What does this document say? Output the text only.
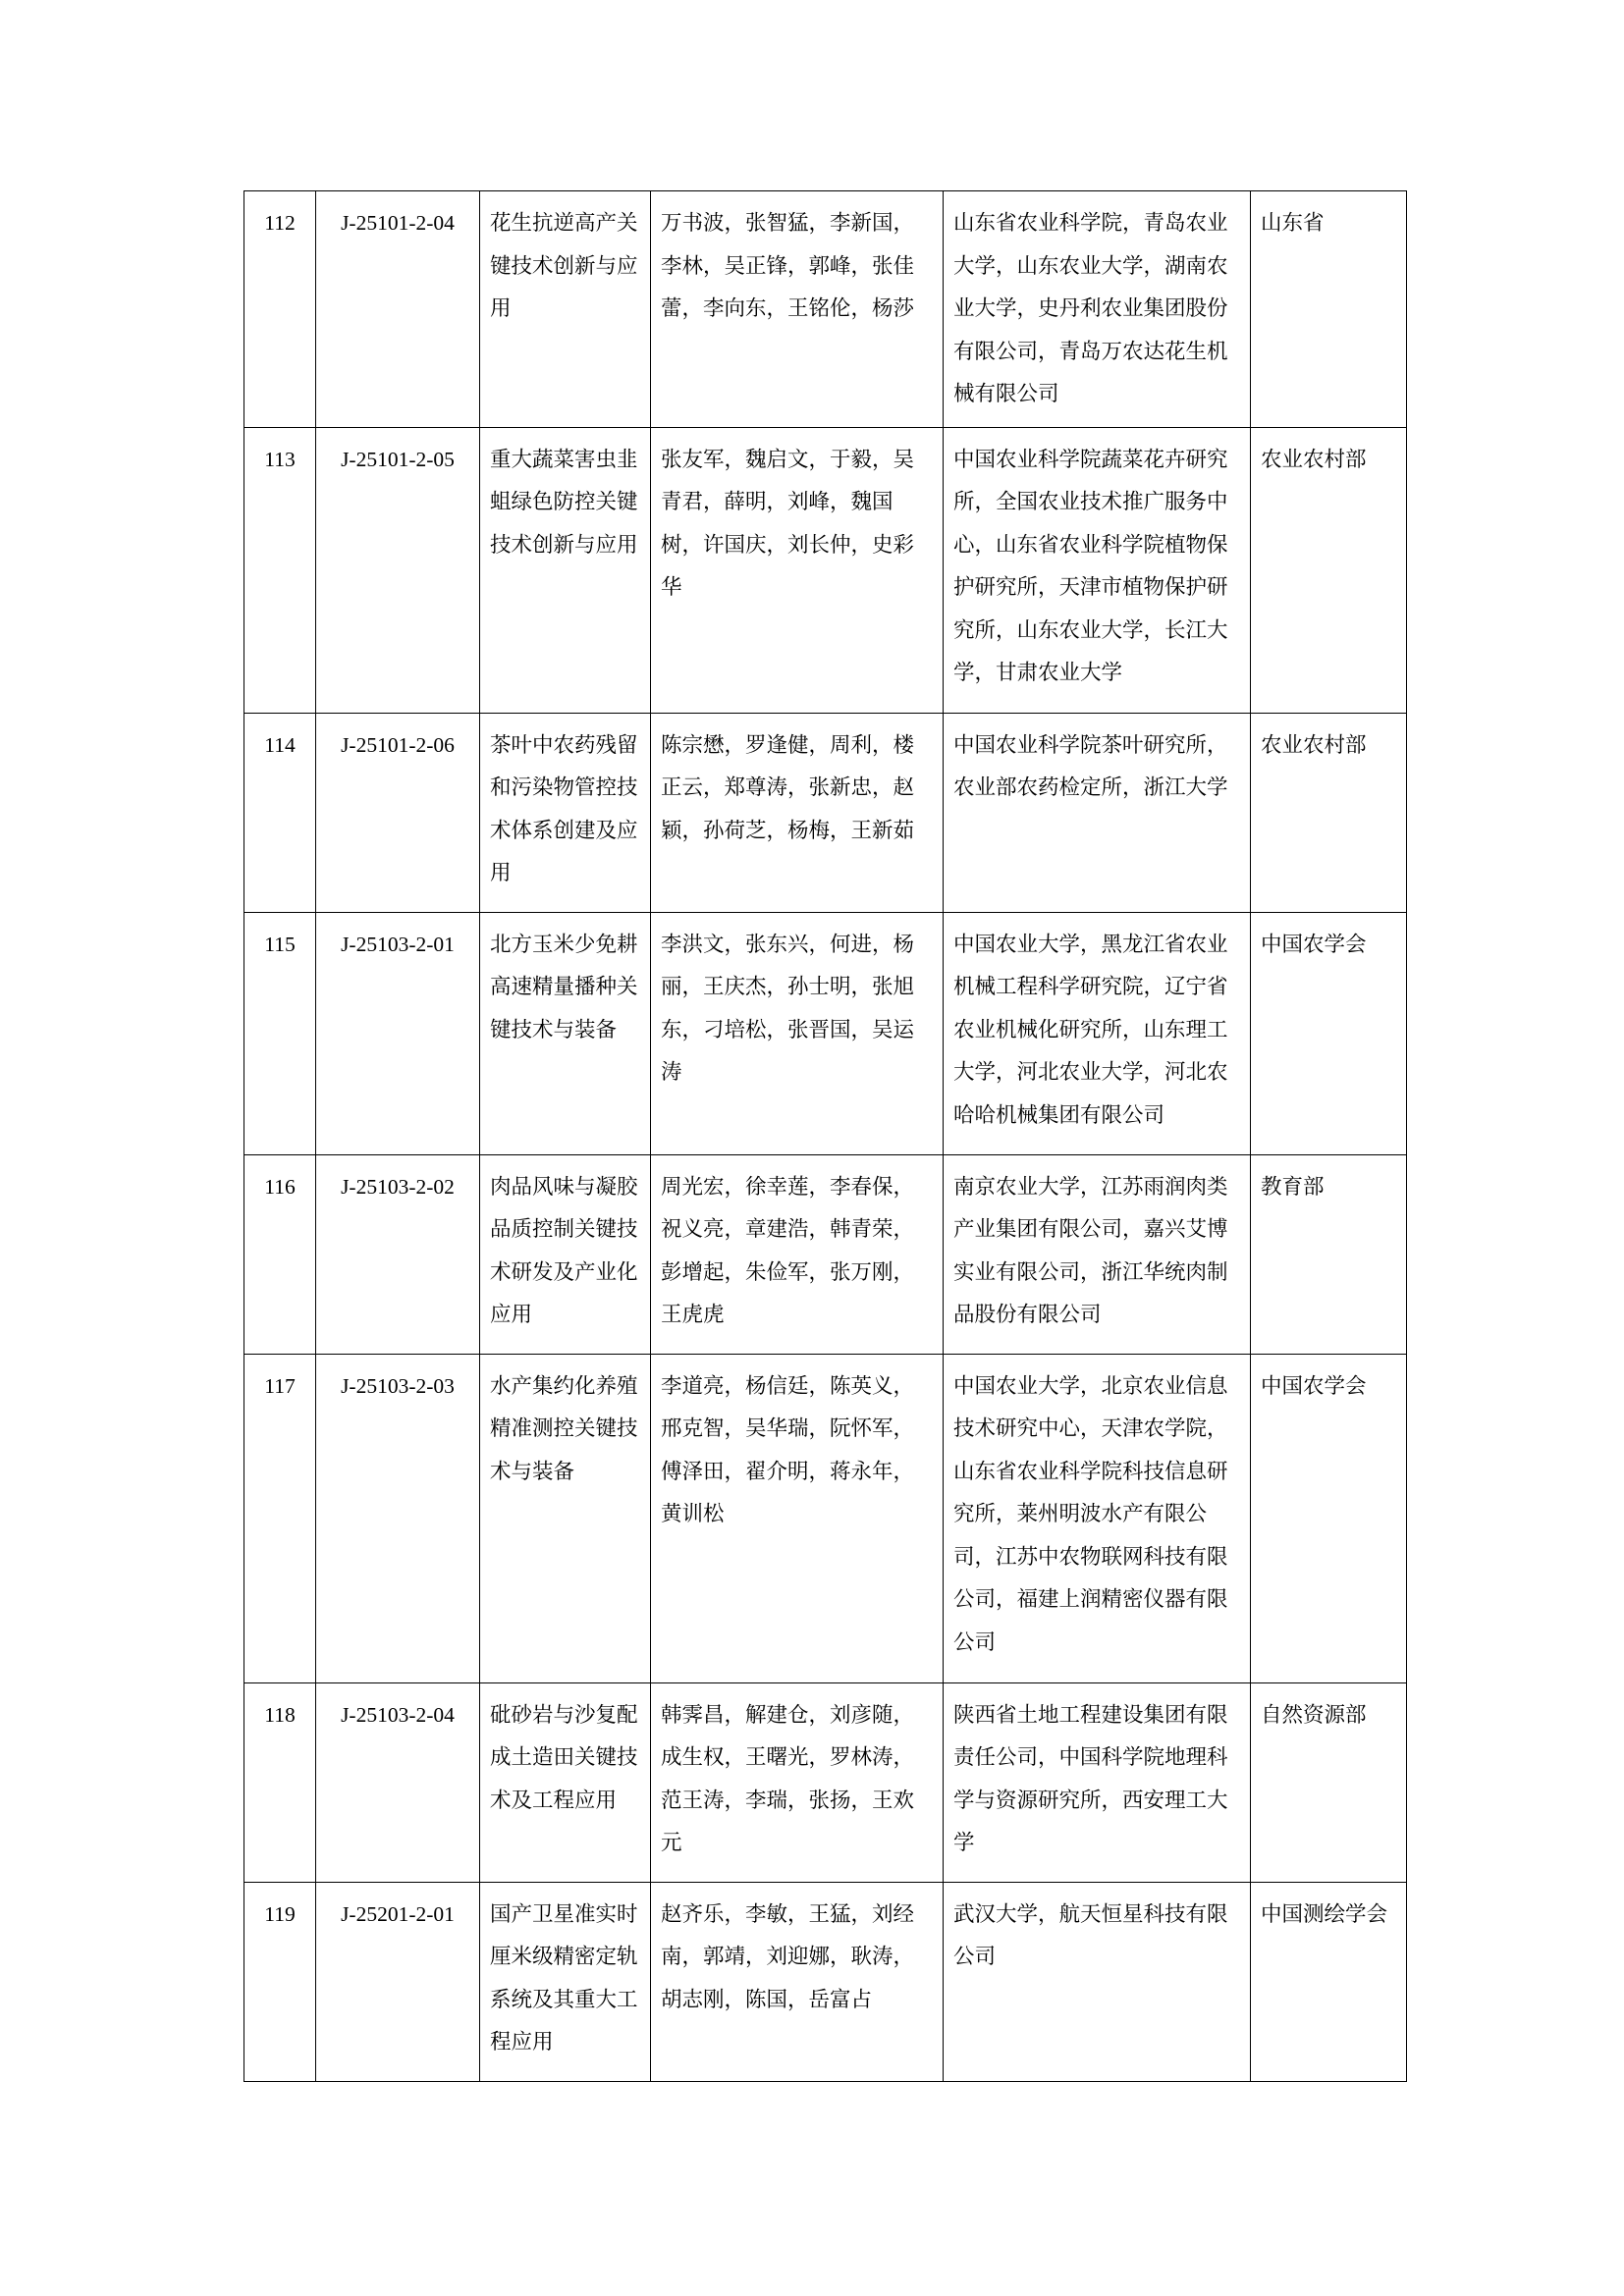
112	J-25101-2-04	花生抗逆高产关键技术创新与应用	万书波，张智猛，李新国，李林，吴正锋，郭峰，张佳蕾，李向东，王铭伦，杨莎	山东省农业科学院，青岛农业大学，山东农业大学，湖南农业大学，史丹利农业集团股份有限公司，青岛万农达花生机械有限公司	山东省
113	J-25101-2-05	重大蔬菜害虫韭蛆绿色防控关键技术创新与应用	张友军，魏启文，于毅，吴青君，薛明，刘峰，魏国树，许国庆，刘长仲，史彩华	中国农业科学院蔬菜花卉研究所，全国农业技术推广服务中心，山东省农业科学院植物保护研究所，天津市植物保护研究所，山东农业大学，长江大学，甘肃农业大学	农业农村部
114	J-25101-2-06	茶叶中农药残留和污染物管控技术体系创建及应用	陈宗懋，罗逢健，周利，楼正云，郑尊涛，张新忠，赵颖，孙荷芝，杨梅，王新茹	中国农业科学院茶叶研究所，农业部农药检定所，浙江大学	农业农村部
115	J-25103-2-01	北方玉米少免耕高速精量播种关键技术与装备	李洪文，张东兴，何进，杨丽，王庆杰，孙士明，张旭东，刁培松，张晋国，吴运涛	中国农业大学，黑龙江省农业机械工程科学研究院，辽宁省农业机械化研究所，山东理工大学，河北农业大学，河北农哈哈机械集团有限公司	中国农学会
116	J-25103-2-02	肉品风味与凝胶品质控制关键技术研发及产业化应用	周光宏，徐幸莲，李春保，祝义亮，章建浩，韩青荣，彭增起，朱俭军，张万刚，王虎虎	南京农业大学，江苏雨润肉类产业集团有限公司，嘉兴艾博实业有限公司，浙江华统肉制品股份有限公司	教育部
117	J-25103-2-03	水产集约化养殖精准测控关键技术与装备	李道亮，杨信廷，陈英义，邢克智，吴华瑞，阮怀军，傅泽田，翟介明，蒋永年，黄训松	中国农业大学，北京农业信息技术研究中心，天津农学院，山东省农业科学院科技信息研究所，莱州明波水产有限公司，江苏中农物联网科技有限公司，福建上润精密仪器有限公司	中国农学会
118	J-25103-2-04	砒砂岩与沙复配成土造田关键技术及工程应用	韩霁昌，解建仓，刘彦随，成生权，王曙光，罗林涛，范王涛，李瑞，张扬，王欢元	陕西省土地工程建设集团有限责任公司，中国科学院地理科学与资源研究所，西安理工大学	自然资源部
119	J-25201-2-01	国产卫星准实时厘米级精密定轨系统及其重大工程应用	赵齐乐，李敏，王猛，刘经南，郭靖，刘迎娜，耿涛，胡志刚，陈国，岳富占	武汉大学，航天恒星科技有限公司	中国测绘学会
